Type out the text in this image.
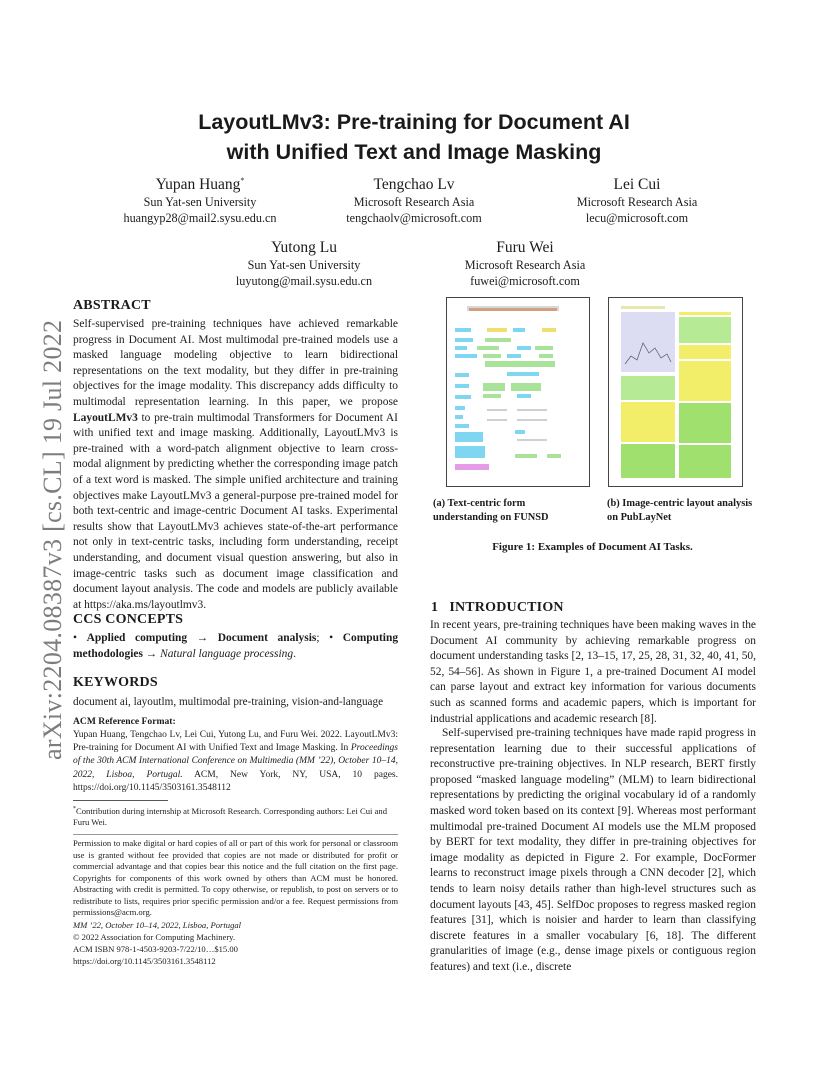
arXiv:2204.08387v3 [cs.CL] 19 Jul 2022
LayoutLMv3: Pre-training for Document AI
with Unified Text and Image Masking
Yupan Huang*
Sun Yat-sen University
huangyp28@mail2.sysu.edu.cn
Tengchao Lv
Microsoft Research Asia
tengchaolv@microsoft.com
Lei Cui
Microsoft Research Asia
lecu@microsoft.com
Yutong Lu
Sun Yat-sen University
luyutong@mail.sysu.edu.cn
Furu Wei
Microsoft Research Asia
fuwei@microsoft.com
ABSTRACT

Self-supervised pre-training techniques have achieved remarkable progress in Document AI. Most multimodal pre-trained models use a masked language modeling objective to learn bidirectional representations on the text modality, but they differ in pre-training objectives for the image modality. This discrepancy adds difficulty to multimodal representation learning. In this paper, we propose LayoutLMv3 to pre-train multimodal Transformers for Document AI with unified text and image masking. Additionally, LayoutLMv3 is pre-trained with a word-patch alignment objective to learn cross-modal alignment by predicting whether the corresponding image patch of a text word is masked. The simple unified architecture and training objectives make LayoutLMv3 a general-purpose pre-trained model for both text-centric and image-centric Document AI tasks. Experimental results show that LayoutLMv3 achieves state-of-the-art performance not only in text-centric tasks, including form understanding, receipt understanding, and document visual question answering, but also in image-centric tasks such as document image classification and document layout analysis. The code and models are publicly available at https://aka.ms/layoutlmv3.

CCS CONCEPTS

• Applied computing → Document analysis; • Computing methodologies → Natural language processing.

KEYWORDS

document ai, layoutlm, multimodal pre-training, vision-and-language

ACM Reference Format:

Yupan Huang, Tengchao Lv, Lei Cui, Yutong Lu, and Furu Wei. 2022. LayoutLMv3: Pre-training for Document AI with Unified Text and Image Masking. In Proceedings of the 30th ACM International Conference on Multimedia (MM ’22), October 10–14, 2022, Lisboa, Portugal. ACM, New York, NY, USA, 10 pages. https://doi.org/10.1145/3503161.3548112

*Contribution during internship at Microsoft Research. Corresponding authors: Lei Cui and Furu Wei.

Permission to make digital or hard copies of all or part of this work for personal or classroom use is granted without fee provided that copies are not made or distributed for profit or commercial advantage and that copies bear this notice and the full citation on the first page. Copyrights for components of this work owned by others than ACM must be honored. Abstracting with credit is permitted. To copy otherwise, or republish, to post on servers or to redistribute to lists, requires prior specific permission and/or a fee. Request permissions from permissions@acm.org.

MM ’22, October 10–14, 2022, Lisboa, Portugal
© 2022 Association for Computing Machinery.
ACM ISBN 978-1-4503-9203-7/22/10…$15.00
https://doi.org/10.1145/3503161.3548112
(a) Text-centric form understanding on FUNSD
(b) Image-centric layout analysis on PubLayNet
Figure 1: Examples of Document AI Tasks.
1 INTRODUCTION

In recent years, pre-training techniques have been making waves in the Document AI community by achieving remarkable progress on document understanding tasks [2, 13–15, 17, 25, 28, 31, 32, 40, 41, 50, 52, 54–56]. As shown in Figure 1, a pre-trained Document AI model can parse layout and extract key information for various documents such as scanned forms and academic papers, which is important for industrial applications and academic research [8].

Self-supervised pre-training techniques have made rapid progress in representation learning due to their successful applications of reconstructive pre-training objectives. In NLP research, BERT firstly proposed “masked language modeling” (MLM) to learn bidirectional representations by predicting the original vocabulary id of a randomly masked word token based on its context [9]. Whereas most performant multimodal pre-trained Document AI models use the MLM proposed by BERT for text modality, they differ in pre-training objectives for image modality as depicted in Figure 2. For example, DocFormer learns to reconstruct image pixels through a CNN decoder [2], which tends to learn noisy details rather than high-level structures such as document layouts [43, 45]. SelfDoc proposes to regress masked region features [31], which is noisier and harder to learn than classifying discrete features in a smaller vocabulary [6, 18]. The different granularities of image (e.g., dense image pixels or contiguous region features) and text (i.e., discrete
